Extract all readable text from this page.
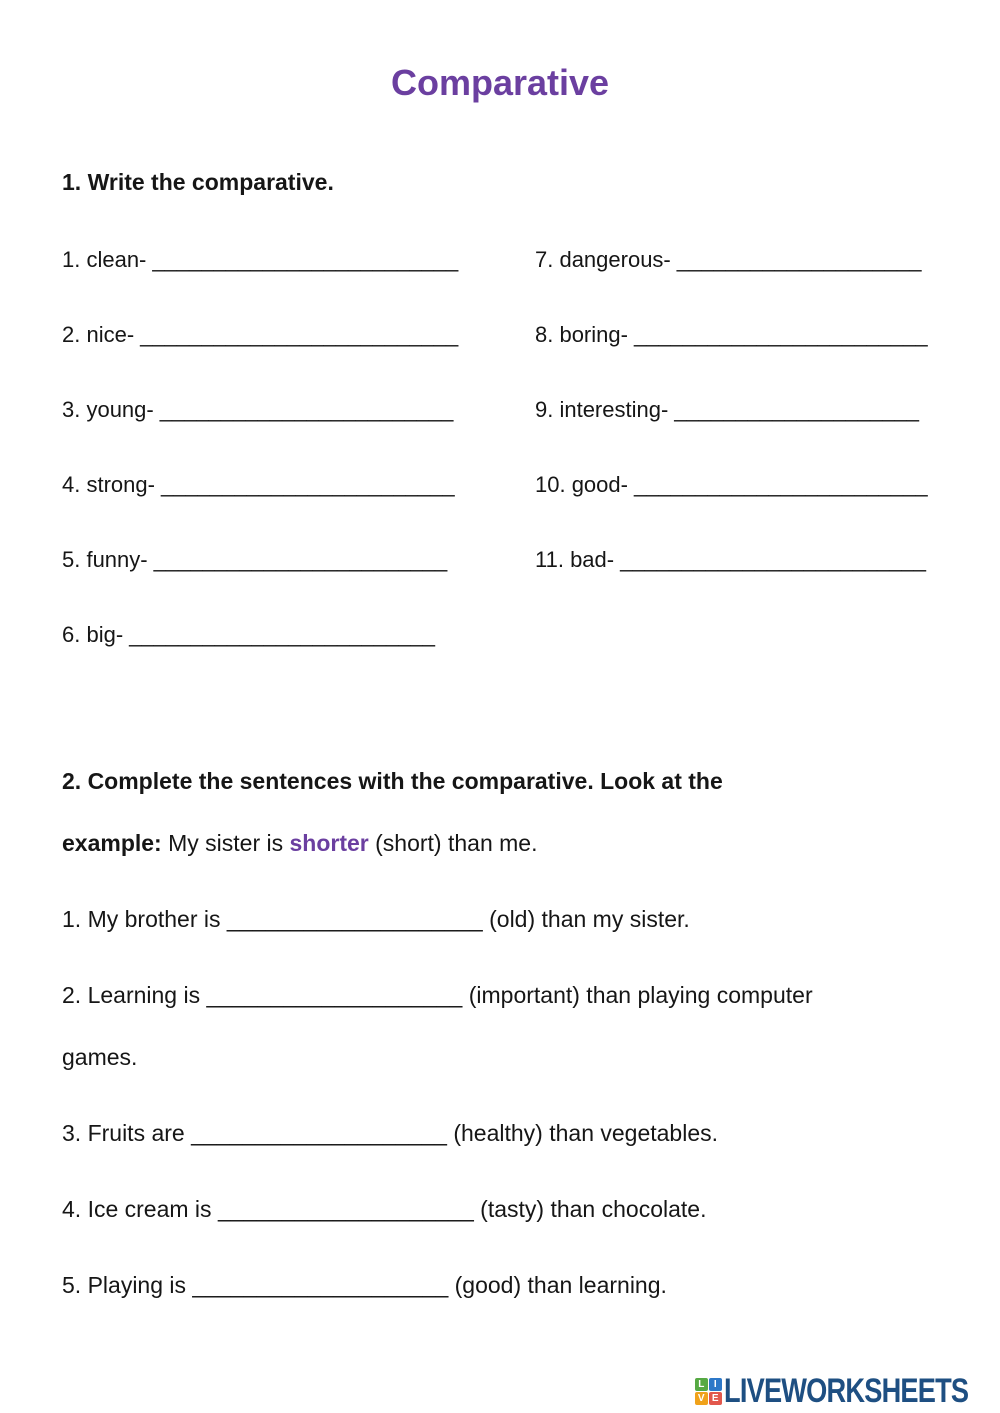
Comparative

1. Write the comparative.

1. clean- _________________________
2. nice- __________________________
3. young- ________________________
4. strong- ________________________
5. funny- ________________________
6. big- _________________________
7. dangerous- ____________________
8. boring- ________________________
9. interesting- ____________________
10. good- ________________________
11. bad- _________________________

2. Complete the sentences with the comparative. Look at the
example: My sister is shorter (short) than me.

1. My brother is ____________________ (old) than my sister.

2. Learning is ____________________ (important) than playing computer
games.

3. Fruits are ____________________ (healthy) than vegetables.

4. Ice cream is ____________________ (tasty) than chocolate.

5. Playing is ____________________ (good) than learning.

L I
V E LIVEWORKSHEETS
